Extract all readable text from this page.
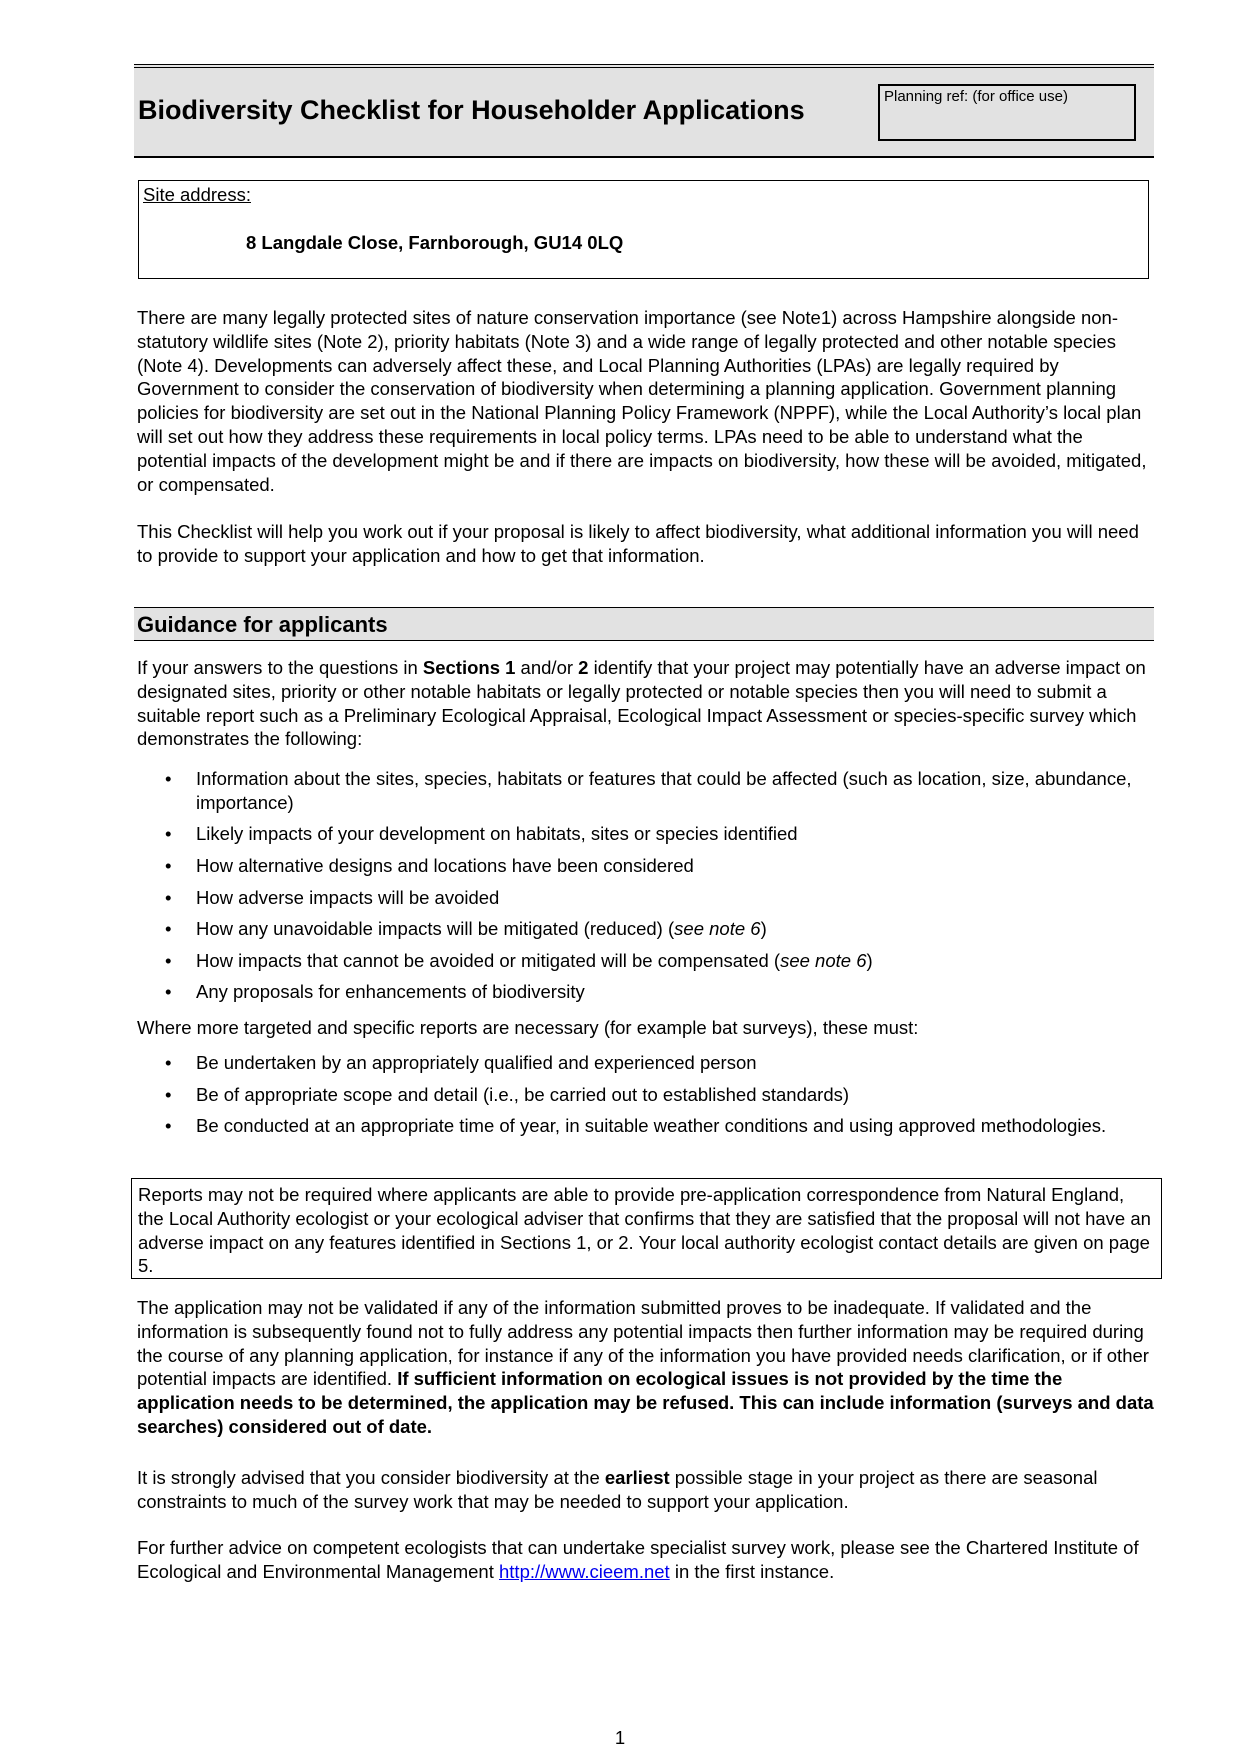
Biodiversity Checklist for Householder Applications	Planning ref: (for office use)
Site address:
8 Langdale Close, Farnborough, GU14 0LQ

There are many legally protected sites of nature conservation importance (see Note1) across Hampshire alongside non-statutory wildlife sites (Note 2), priority habitats (Note 3) and a wide range of legally protected and other notable species (Note 4). Developments can adversely affect these, and Local Planning Authorities (LPAs) are legally required by Government to consider the conservation of biodiversity when determining a planning application. Government planning policies for biodiversity are set out in the National Planning Policy Framework (NPPF), while the Local Authority’s local plan will set out how they address these requirements in local policy terms. LPAs need to be able to understand what the potential impacts of the development might be and if there are impacts on biodiversity, how these will be avoided, mitigated, or compensated.

This Checklist will help you work out if your proposal is likely to affect biodiversity, what additional information you will need to provide to support your application and how to get that information.

Guidance for applicants

If your answers to the questions in Sections 1 and/or 2 identify that your project may potentially have an adverse impact on designated sites, priority or other notable habitats or legally protected or notable species then you will need to submit a suitable report such as a Preliminary Ecological Appraisal, Ecological Impact Assessment or species-specific survey which demonstrates the following:

• Information about the sites, species, habitats or features that could be affected (such as location, size, abundance, importance)
• Likely impacts of your development on habitats, sites or species identified
• How alternative designs and locations have been considered
• How adverse impacts will be avoided
• How any unavoidable impacts will be mitigated (reduced) (see note 6)
• How impacts that cannot be avoided or mitigated will be compensated (see note 6)
• Any proposals for enhancements of biodiversity

Where more targeted and specific reports are necessary (for example bat surveys), these must:

• Be undertaken by an appropriately qualified and experienced person
• Be of appropriate scope and detail (i.e., be carried out to established standards)
• Be conducted at an appropriate time of year, in suitable weather conditions and using approved methodologies.
Reports may not be required where applicants are able to provide pre-application correspondence from Natural England, the Local Authority ecologist or your ecological adviser that confirms that they are satisfied that the proposal will not have an adverse impact on any features identified in Sections 1, or 2. Your local authority ecologist contact details are given on page 5.

The application may not be validated if any of the information submitted proves to be inadequate. If validated and the information is subsequently found not to fully address any potential impacts then further information may be required during the course of any planning application, for instance if any of the information you have provided needs clarification, or if other potential impacts are identified. If sufficient information on ecological issues is not provided by the time the application needs to be determined, the application may be refused. This can include information (surveys and data searches) considered out of date.

It is strongly advised that you consider biodiversity at the earliest possible stage in your project as there are seasonal constraints to much of the survey work that may be needed to support your application.

For further advice on competent ecologists that can undertake specialist survey work, please see the Chartered Institute of Ecological and Environmental Management http://www.cieem.net in the first instance.

1
